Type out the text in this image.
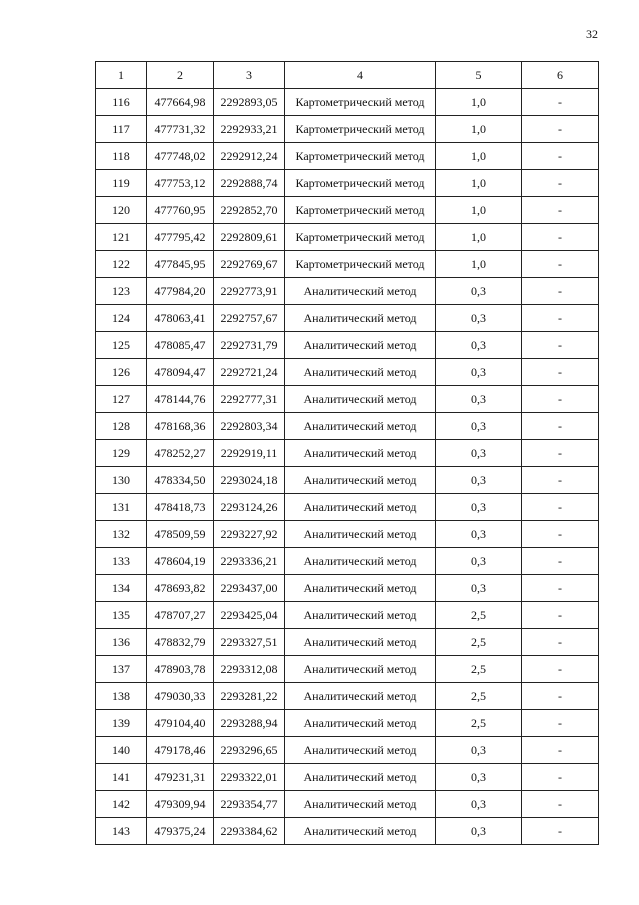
32
1	2	3	4	5	6
116	477664,98	2292893,05	Картометрический метод	1,0	-
117	477731,32	2292933,21	Картометрический метод	1,0	-
118	477748,02	2292912,24	Картометрический метод	1,0	-
119	477753,12	2292888,74	Картометрический метод	1,0	-
120	477760,95	2292852,70	Картометрический метод	1,0	-
121	477795,42	2292809,61	Картометрический метод	1,0	-
122	477845,95	2292769,67	Картометрический метод	1,0	-
123	477984,20	2292773,91	Аналитический метод	0,3	-
124	478063,41	2292757,67	Аналитический метод	0,3	-
125	478085,47	2292731,79	Аналитический метод	0,3	-
126	478094,47	2292721,24	Аналитический метод	0,3	-
127	478144,76	2292777,31	Аналитический метод	0,3	-
128	478168,36	2292803,34	Аналитический метод	0,3	-
129	478252,27	2292919,11	Аналитический метод	0,3	-
130	478334,50	2293024,18	Аналитический метод	0,3	-
131	478418,73	2293124,26	Аналитический метод	0,3	-
132	478509,59	2293227,92	Аналитический метод	0,3	-
133	478604,19	2293336,21	Аналитический метод	0,3	-
134	478693,82	2293437,00	Аналитический метод	0,3	-
135	478707,27	2293425,04	Аналитический метод	2,5	-
136	478832,79	2293327,51	Аналитический метод	2,5	-
137	478903,78	2293312,08	Аналитический метод	2,5	-
138	479030,33	2293281,22	Аналитический метод	2,5	-
139	479104,40	2293288,94	Аналитический метод	2,5	-
140	479178,46	2293296,65	Аналитический метод	0,3	-
141	479231,31	2293322,01	Аналитический метод	0,3	-
142	479309,94	2293354,77	Аналитический метод	0,3	-
143	479375,24	2293384,62	Аналитический метод	0,3	-
